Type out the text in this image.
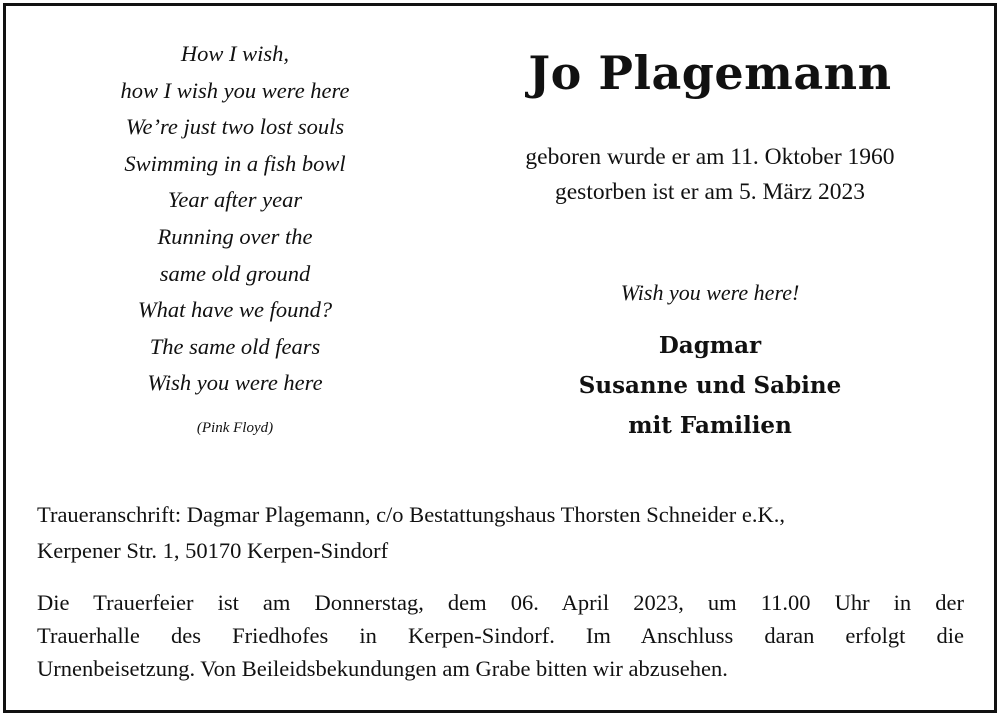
How I wish,
how I wish you were here
We’re just two lost souls
Swimming in a fish bowl
Year after year
Running over the
same old ground
What have we found?
The same old fears
Wish you were here
(Pink Floyd)
Jo Plagemann
geboren wurde er am 11. Oktober 1960
gestorben ist er am 5. März 2023
Wish you were here!
Dagmar
Susanne und Sabine
mit Familien
Traueranschrift: Dagmar Plagemann, c/o Bestattungshaus Thorsten Schneider e.K.,
Kerpener Str. 1, 50170 Kerpen-Sindorf
Die Trauerfeier ist am Donnerstag, dem 06. April 2023, um 11.00 Uhr in der
Trauerhalle des Friedhofes in Kerpen-Sindorf. Im Anschluss daran erfolgt die
Urnenbeisetzung. Von Beileidsbekundungen am Grabe bitten wir abzusehen.
